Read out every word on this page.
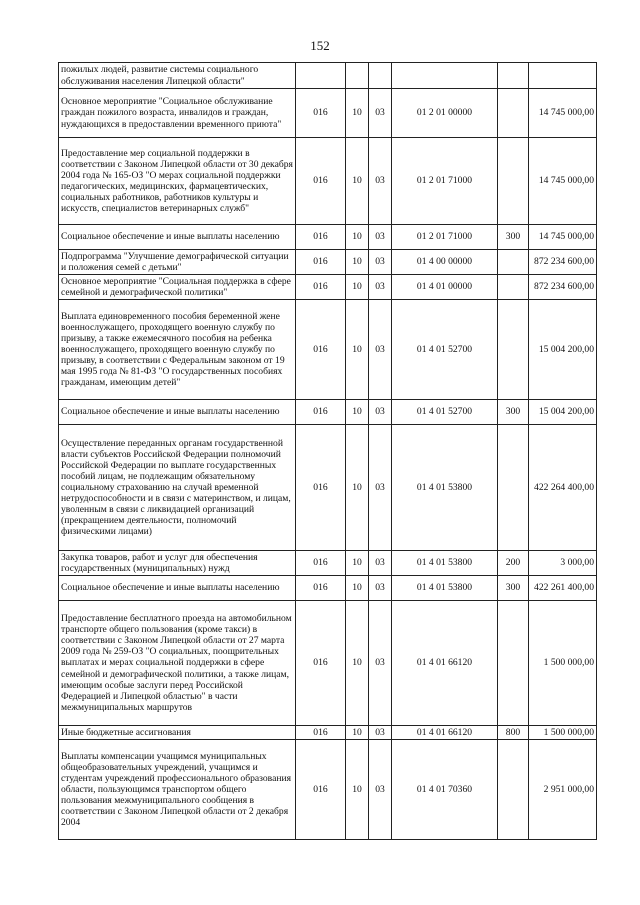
152
пожилых людей, развитие системы социального обслуживания населения Липецкой области"						
Основное мероприятие "Социальное обслуживание граждан пожилого возраста, инвалидов и граждан, нуждающихся в предоставлении временного приюта"	016	10	03	01 2 01 00000		14 745 000,00
Предоставление мер социальной поддержки в соответствии с Законом Липецкой области от 30 декабря 2004 года № 165-ОЗ "О мерах социальной поддержки педагогических, медицинских, фармацевтических, социальных работников, работников культуры и искусств, специалистов ветеринарных служб"	016	10	03	01 2 01 71000		14 745 000,00
Социальное обеспечение и иные выплаты населению	016	10	03	01 2 01 71000	300	14 745 000,00
Подпрограмма "Улучшение демографической ситуации и положения семей с детьми"	016	10	03	01 4 00 00000		872 234 600,00
Основное мероприятие "Социальная поддержка в сфере семейной и демографической политики"	016	10	03	01 4 01 00000		872 234 600,00
Выплата единовременного пособия беременной жене военнослужащего, проходящего военную службу по призыву, а также ежемесячного пособия на ребенка военнослужащего, проходящего военную службу по призыву, в соответствии с Федеральным законом от 19 мая 1995 года № 81-ФЗ "О государственных пособиях гражданам, имеющим детей"	016	10	03	01 4 01 52700		15 004 200,00
Социальное обеспечение и иные выплаты населению	016	10	03	01 4 01 52700	300	15 004 200,00
Осуществление переданных органам государственной власти субъектов Российской Федерации полномочий Российской Федерации по выплате государственных пособий лицам, не подлежащим обязательному социальному страхованию на случай временной нетрудоспособности и в связи с материнством, и лицам, уволенным в связи с ликвидацией организаций (прекращением деятельности, полномочий физическими лицами)	016	10	03	01 4 01 53800		422 264 400,00
Закупка товаров, работ и услуг для обеспечения государственных (муниципальных) нужд	016	10	03	01 4 01 53800	200	3 000,00
Социальное обеспечение и иные выплаты населению	016	10	03	01 4 01 53800	300	422 261 400,00
Предоставление бесплатного проезда на автомобильном транспорте общего пользования (кроме такси) в соответствии с Законом Липецкой области от 27 марта 2009 года № 259-ОЗ "О социальных, поощрительных выплатах и мерах социальной поддержки в сфере семейной и демографической политики, а также лицам, имеющим особые заслуги перед Российской Федерацией и Липецкой областью" в части межмуниципальных маршрутов	016	10	03	01 4 01 66120		1 500 000,00
Иные бюджетные ассигнования	016	10	03	01 4 01 66120	800	1 500 000,00
Выплаты компенсации учащимся муниципальных общеобразовательных учреждений, учащимся и студентам учреждений профессионального образования области, пользующимся транспортом общего пользования межмуниципального сообщения в соответствии с Законом Липецкой области от 2 декабря 2004	016	10	03	01 4 01 70360		2 951 000,00
